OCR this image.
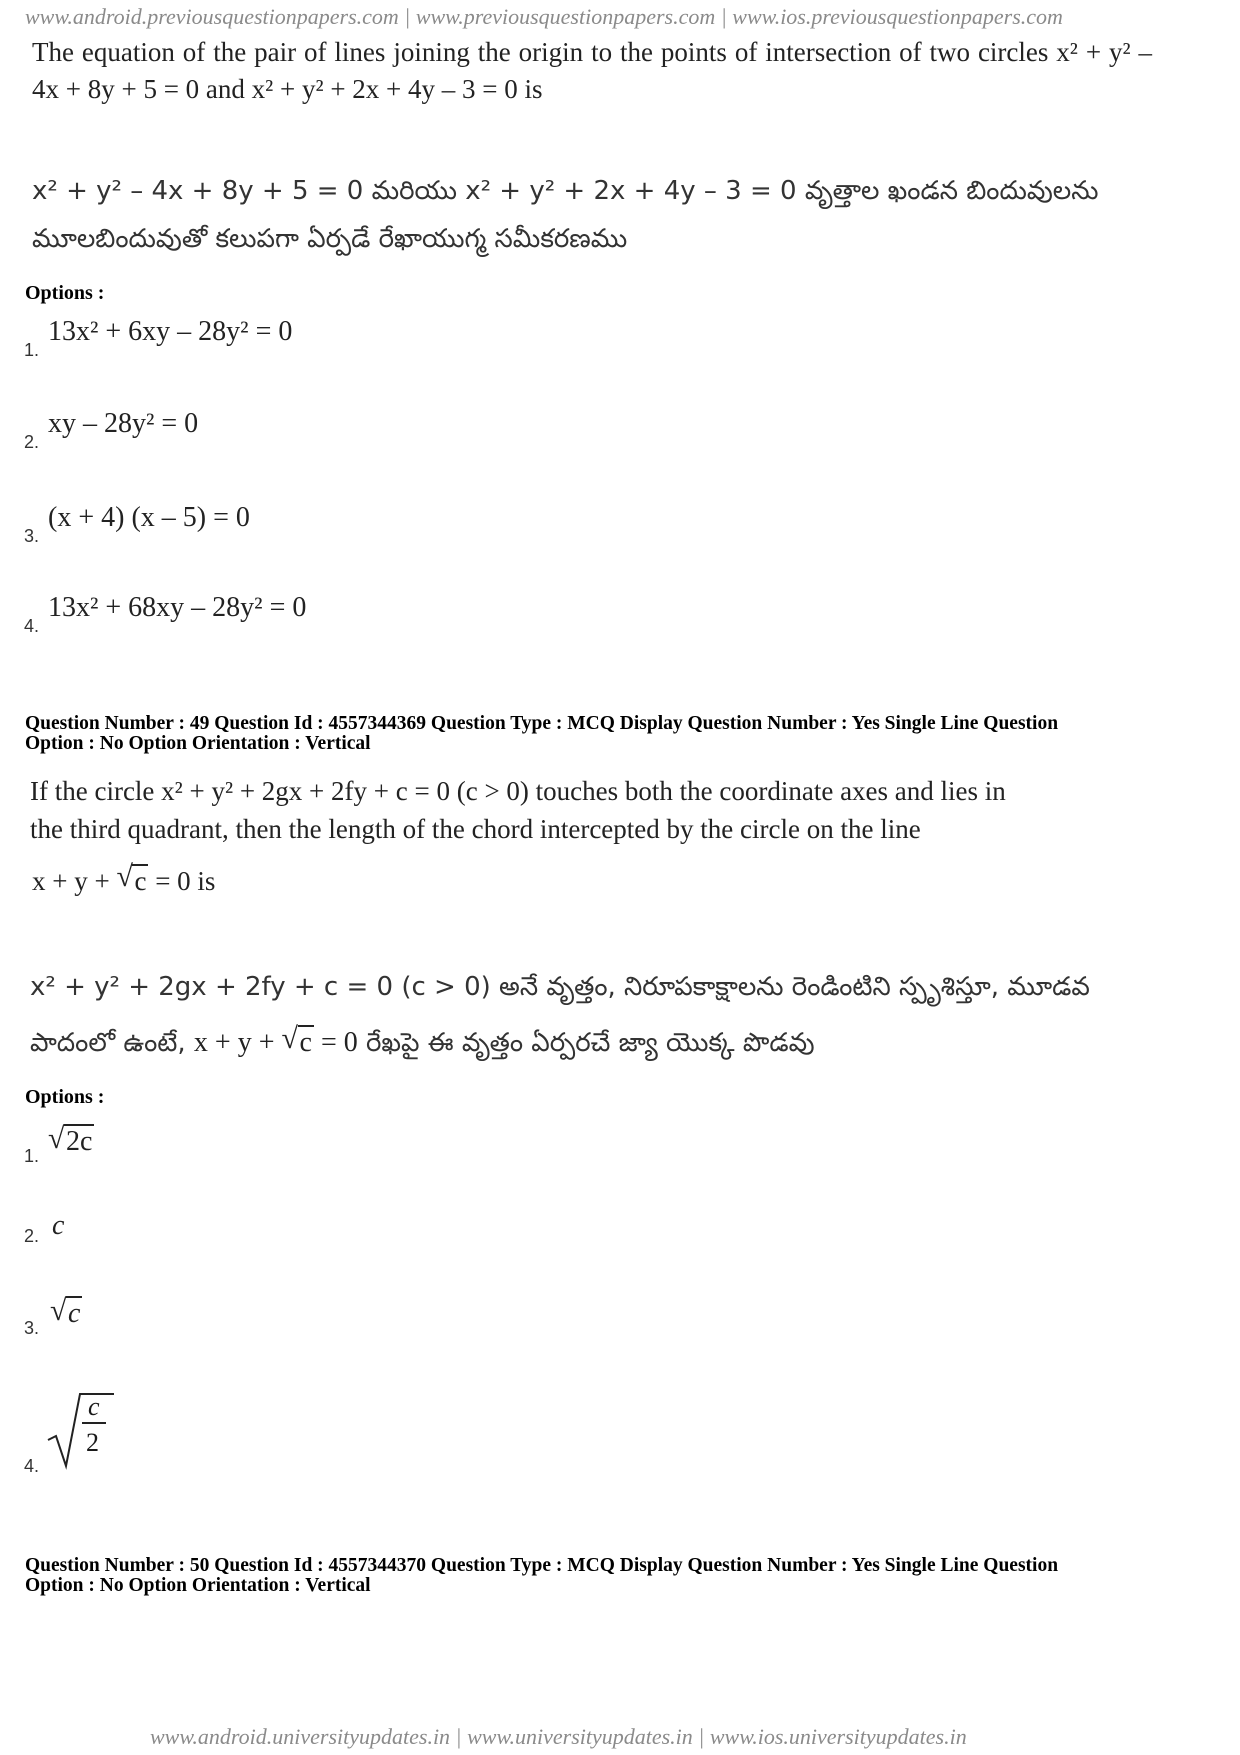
www.android.previousquestionpapers.com | www.previousquestionpapers.com | www.ios.previousquestionpapers.com
The equation of the pair of lines joining the origin to the points of intersection of two circles x² + y² – 4x + 8y + 5 = 0 and x² + y² + 2x + 4y – 3 = 0 is
x² + y² – 4x + 8y + 5 = 0 మరియు x² + y² + 2x + 4y – 3 = 0 వృత్తాల ఖండన బిందువులను
మూలబిందువుతో కలుపగా ఏర్పడే రేఖాయుగ్మ సమీకరణము
Options :
1.
13x² + 6xy – 28y² = 0
2.
xy – 28y² = 0
3.
(x + 4) (x – 5) = 0
4.
13x² + 68xy – 28y² = 0
Question Number : 49 Question Id : 4557344369 Question Type : MCQ Display Question Number : Yes Single Line Question
Option : No Option Orientation : Vertical
If the circle x² + y² + 2gx + 2fy + c = 0 (c > 0) touches both the coordinate axes and lies in
the third quadrant, then the length of the chord intercepted by the circle on the line
x + y + √ c = 0 is
x² + y² + 2gx + 2fy + c = 0 (c > 0) అనే వృత్తం, నిరూపకాక్షాలను రెండింటిని స్పృశిస్తూ, మూడవ
పాదంలో ఉంటే, x + y + √ c = 0 రేఖపై ఈ వృత్తం ఏర్పరచే జ్యా యొక్క పొడవు
Options :
1.
√ 2c
2. c
3.
√ c
4.
c
2
Question Number : 50 Question Id : 4557344370 Question Type : MCQ Display Question Number : Yes Single Line Question
Option : No Option Orientation : Vertical
www.android.universityupdates.in | www.universityupdates.in | www.ios.universityupdates.in
